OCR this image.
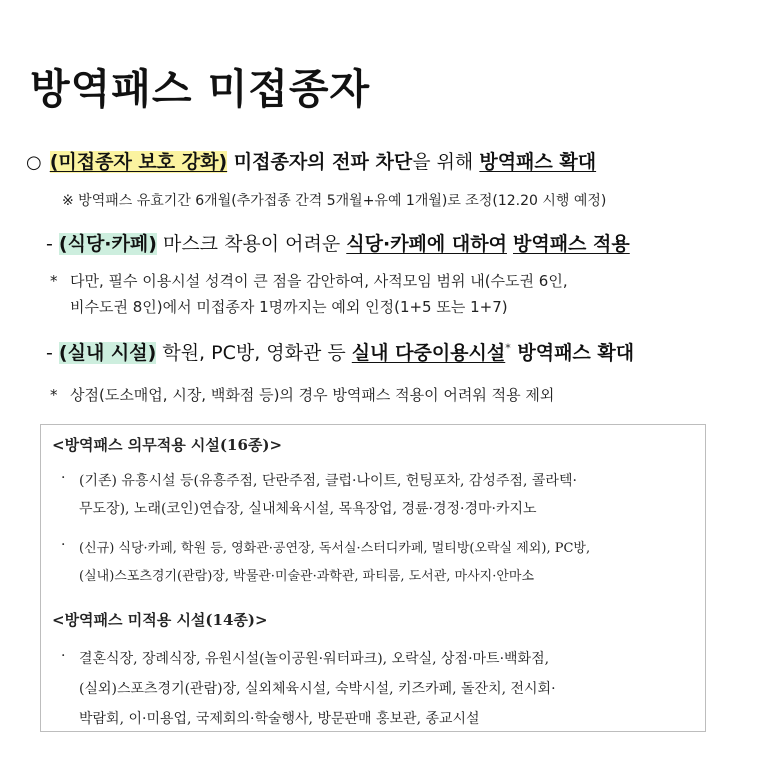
방역패스 미접종자
○ (미접종자 보호 강화) 미접종자의 전파 차단을 위해 방역패스 확대
※ 방역패스 유효기간 6개월(추가접종 간격 5개월+유예 1개월)로 조정(12.20 시행 예정)
- (식당·카페) 마스크 착용이 어려운 식당·카페에 대하여 방역패스 적용
* 다만, 필수 이용시설 성격이 큰 점을 감안하여, 사적모임 범위 내(수도권 6인,
비수도권 8인)에서 미접종자 1명까지는 예외 인정(1+5 또는 1+7)
- (실내 시설) 학원, PC방, 영화관 등 실내 다중이용시설* 방역패스 확대
* 상점(도소매업, 시장, 백화점 등)의 경우 방역패스 적용이 어려워 적용 제외
<방역패스 의무적용 시설(16종)>
· (기존) 유흥시설 등(유흥주점, 단란주점, 클럽·나이트, 헌팅포차, 감성주점, 콜라텍·
무도장), 노래(코인)연습장, 실내체육시설, 목욕장업, 경륜·경정·경마·카지노
· (신규) 식당·카페, 학원 등, 영화관·공연장, 독서실·스터디카페, 멀티방(오락실 제외), PC방,
(실내)스포츠경기(관람)장, 박물관·미술관·과학관, 파티룸, 도서관, 마사지·안마소
<방역패스 미적용 시설(14종)>
· 결혼식장, 장례식장, 유원시설(놀이공원·워터파크), 오락실, 상점·마트·백화점,
(실외)스포츠경기(관람)장, 실외체육시설, 숙박시설, 키즈카페, 돌잔치, 전시회·
박람회, 이·미용업, 국제회의·학술행사, 방문판매 홍보관, 종교시설
